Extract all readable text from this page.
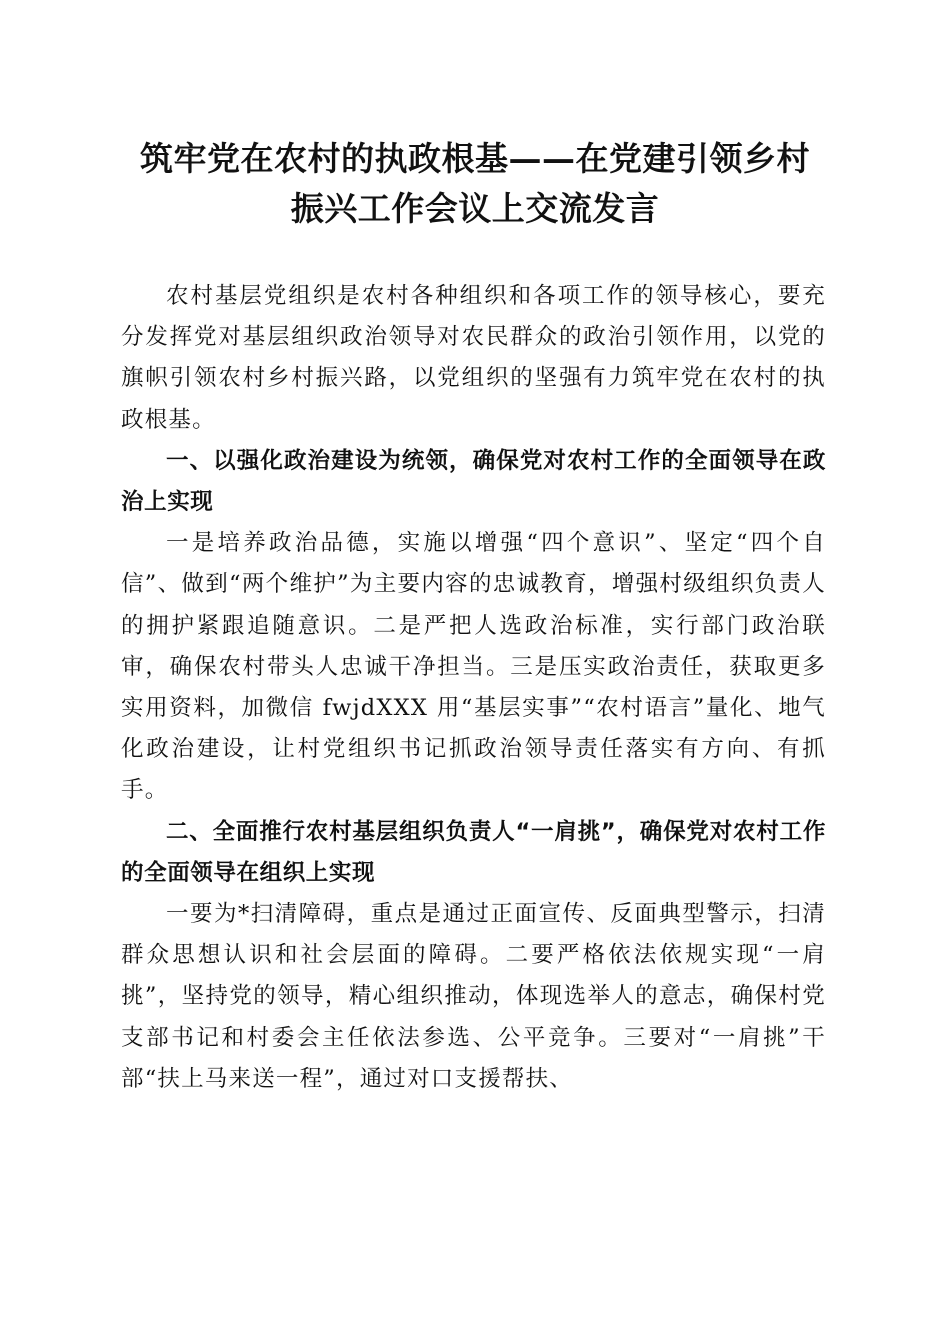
筑牢党在农村的执政根基——在党建引领乡村
振兴工作会议上交流发言

农村基层党组织是农村各种组织和各项工作的领导核心，要充分发挥党对基层组织政治领导对农民群众的政治引领作用，以党的旗帜引领农村乡村振兴路，以党组织的坚强有力筑牢党在农村的执政根基。

一、以强化政治建设为统领，确保党对农村工作的全面领导在政治上实现

一是培养政治品德，实施以增强“四个意识”、坚定“四个自信”、做到“两个维护”为主要内容的忠诚教育，增强村级组织负责人的拥护紧跟追随意识。二是严把人选政治标准，实行部门政治联审，确保农村带头人忠诚干净担当。三是压实政治责任，获取更多实用资料，加微信 fwjdXXX 用“基层实事”“农村语言”量化、地气化政治建设，让村党组织书记抓政治领导责任落实有方向、有抓手。

二、全面推行农村基层组织负责人“一肩挑”，确保党对农村工作的全面领导在组织上实现

一要为*扫清障碍，重点是通过正面宣传、反面典型警示，扫清群众思想认识和社会层面的障碍。二要严格依法依规实现“一肩挑”，坚持党的领导，精心组织推动，体现选举人的意志，确保村党支部书记和村委会主任依法参选、公平竞争。三要对“一肩挑”干部“扶上马来送一程”，通过对口支援帮扶、
